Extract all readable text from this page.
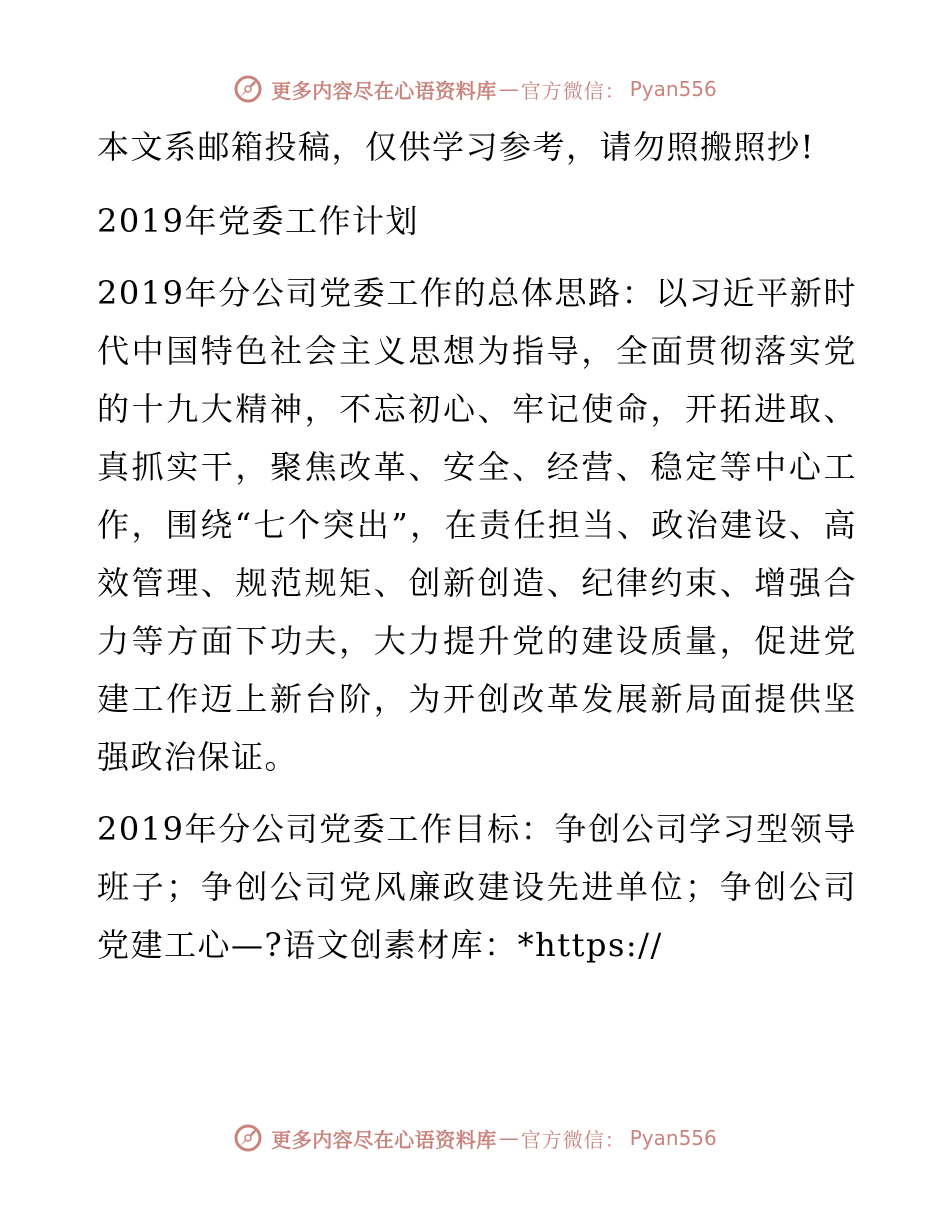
更多内容尽在心语资料库 — 官方微信： Pyan556

本文系邮箱投稿，仅供学习参考，请勿照搬照抄!

2019年党委工作计划

2019年分公司党委工作的总体思路：以习近平新时代中国特色社会主义思想为指导，全面贯彻落实党的十九大精神，不忘初心、牢记使命，开拓进取、真抓实干，聚焦改革、安全、经营、稳定等中心工作，围绕“七个突出”，在责任担当、政治建设、高效管理、规范规矩、创新创造、纪律约束、增强合力等方面下功夫，大力提升党的建设质量，促进党建工作迈上新台阶，为开创改革发展新局面提供坚强政治保证。

2019年分公司党委工作目标：争创公司学习型领导班子；争创公司党风廉政建设先进单位；争创公司党建工心—?语文创素材库：*https://

更多内容尽在心语资料库 — 官方微信： Pyan556
